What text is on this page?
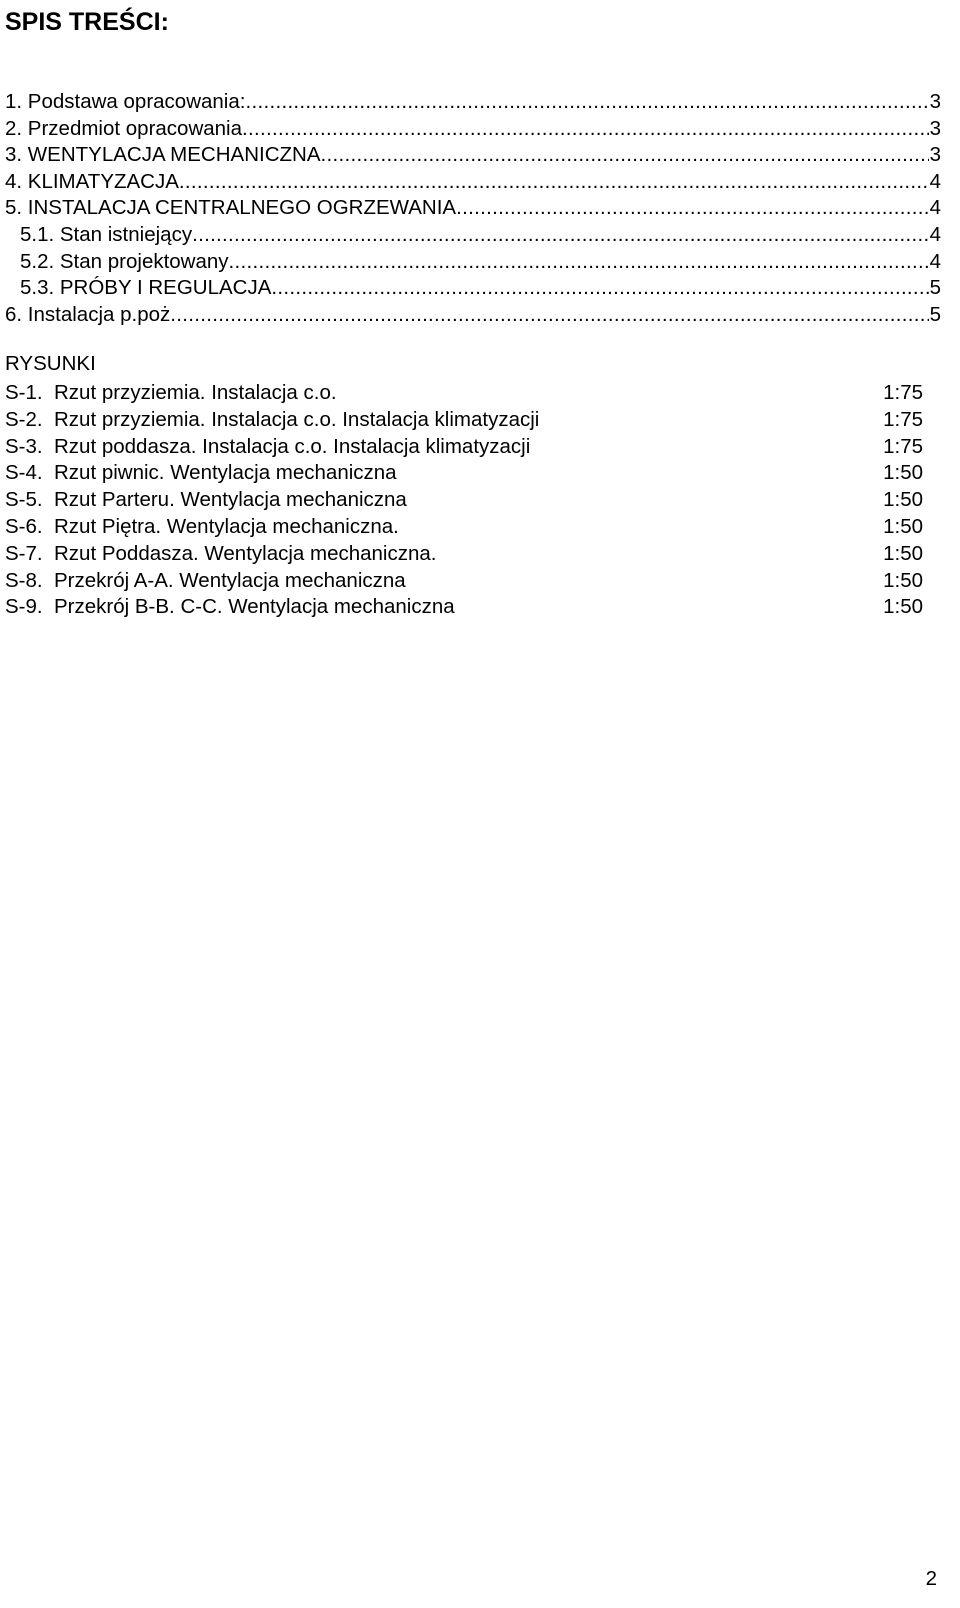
SPIS TREŚCI:
1. Podstawa opracowania: .....	3
2. Przedmiot opracowania .....	3
3. WENTYLACJA MECHANICZNA .....	3
4. KLIMATYZACJA .....	4
5. INSTALACJA CENTRALNEGO OGRZEWANIA .....	4
5.1. Stan istniejący .....	4
5.2. Stan projektowany .....	4
5.3. PRÓBY I REGULACJA .....	5
6. Instalacja p.poż .....	5
RYSUNKI
S-1. Rzut przyziemia. Instalacja c.o.	1:75
S-2. Rzut przyziemia. Instalacja c.o. Instalacja klimatyzacji	1:75
S-3. Rzut poddasza. Instalacja c.o. Instalacja klimatyzacji	1:75
S-4. Rzut piwnic. Wentylacja mechaniczna	1:50
S-5. Rzut Parteru. Wentylacja mechaniczna	1:50
S-6. Rzut Piętra. Wentylacja mechaniczna.	1:50
S-7. Rzut Poddasza. Wentylacja mechaniczna.	1:50
S-8. Przekrój A-A. Wentylacja mechaniczna	1:50
S-9. Przekrój B-B. C-C. Wentylacja mechaniczna	1:50
2
